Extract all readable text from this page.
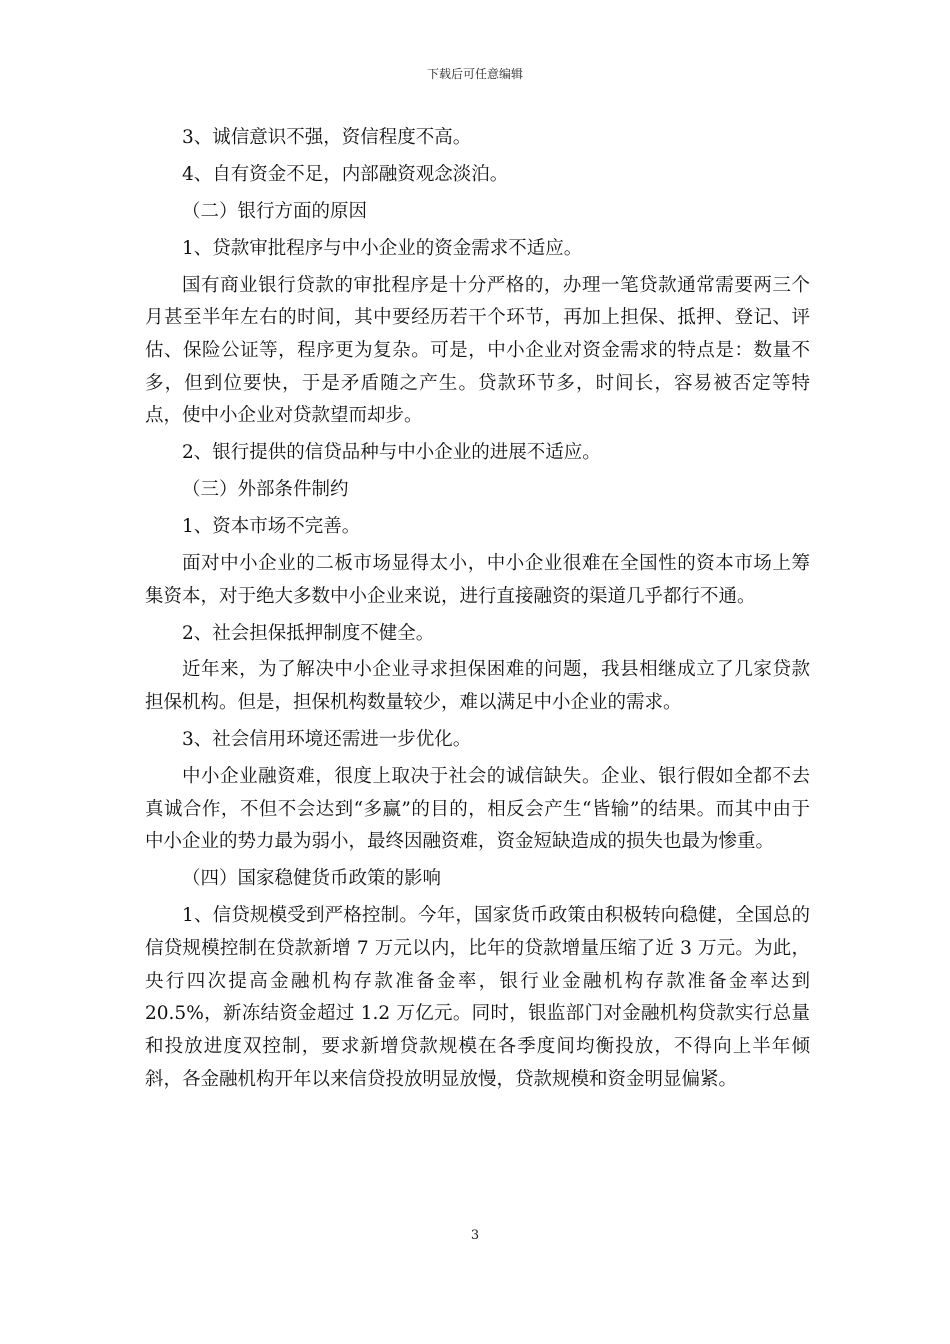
下载后可任意编辑

3、诚信意识不强，资信程度不高。

4、自有资金不足，内部融资观念淡泊。

（二）银行方面的原因

1、贷款审批程序与中小企业的资金需求不适应。

国有商业银行贷款的审批程序是十分严格的，办理一笔贷款通常需要两三个月甚至半年左右的时间，其中要经历若干个环节，再加上担保、抵押、登记、评估、保险公证等，程序更为复杂。可是，中小企业对资金需求的特点是：数量不多，但到位要快，于是矛盾随之产生。贷款环节多，时间长，容易被否定等特点，使中小企业对贷款望而却步。

2、银行提供的信贷品种与中小企业的进展不适应。

（三）外部条件制约

1、资本市场不完善。

面对中小企业的二板市场显得太小，中小企业很难在全国性的资本市场上筹集资本，对于绝大多数中小企业来说，进行直接融资的渠道几乎都行不通。

2、社会担保抵押制度不健全。

近年来，为了解决中小企业寻求担保困难的问题，我县相继成立了几家贷款担保机构。但是，担保机构数量较少，难以满足中小企业的需求。

3、社会信用环境还需进一步优化。

中小企业融资难，很度上取决于社会的诚信缺失。企业、银行假如全都不去真诚合作，不但不会达到“多赢”的目的，相反会产生“皆输”的结果。而其中由于中小企业的势力最为弱小，最终因融资难，资金短缺造成的损失也最为惨重。

（四）国家稳健货币政策的影响

1、信贷规模受到严格控制。今年，国家货币政策由积极转向稳健，全国总的信贷规模控制在贷款新增 7 万元以内，比年的贷款增量压缩了近 3 万元。为此，央行四次提高金融机构存款准备金率，银行业金融机构存款准备金率达到 20.5%，新冻结资金超过 1.2 万亿元。同时，银监部门对金融机构贷款实行总量和投放进度双控制，要求新增贷款规模在各季度间均衡投放，不得向上半年倾斜，各金融机构开年以来信贷投放明显放慢，贷款规模和资金明显偏紧。

3
